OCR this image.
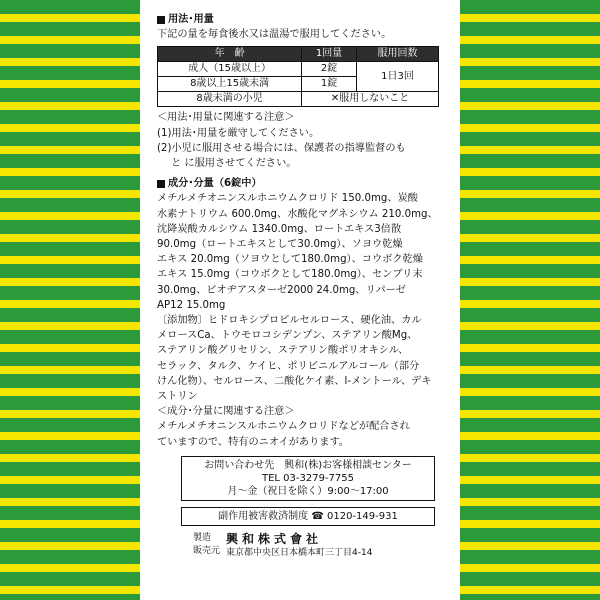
用法･用量
下記の量を毎食後水又は温湯で服用してください。
年　齢	1回量	服用回数
成人（15歳以上）	2錠	1日3回
8歳以上15歳未満	1錠	
8歳未満の小児	✕服用しないこと	
＜用法･用量に関連する注意＞
(1)用法･用量を厳守してください。
(2)小児に服用させる場合には、保護者の指導監督のも
と に服用させてください。
成分･分量（6錠中）
メチルメチオニンスルホニウムクロリド 150.0mg、炭酸
水素ナトリウム 600.0mg、水酸化マグネシウム 210.0mg、
沈降炭酸カルシウム 1340.0mg、ロートエキス3倍散
90.0mg（ロートエキスとして30.0mg）、ソヨウ乾燥
エキス 20.0mg（ソヨウとして180.0mg）、コウボク乾燥
エキス 15.0mg（コウボクとして180.0mg）、センブリ末
30.0mg、ビオヂアスターゼ2000 24.0mg、リパーゼ
AP12 15.0mg
〔添加物〕ヒドロキシプロピルセルロース、硬化油、カル
メロースCa、トウモロコシデンプン、ステアリン酸Mg、
ステアリン酸グリセリン、ステアリン酸ポリオキシル、
セラック、タルク、ケイヒ、ポリビニルアルコール（部分
けん化物）、セルロース、二酸化ケイ素、l-メントール、デキ
ストリン
＜成分･分量に関連する注意＞
メチルメチオニンスルホニウムクロリドなどが配合され
ていますので、特有のニオイがあります。
お問い合わせ先　興和(株)お客様相談センター
TEL 03-3279-7755
月～金（祝日を除く）9:00～17:00
副作用被害救済制度 ☎ 0120-149-931
製造
販売元
興和株式會社
東京都中央区日本橋本町三丁目4-14
